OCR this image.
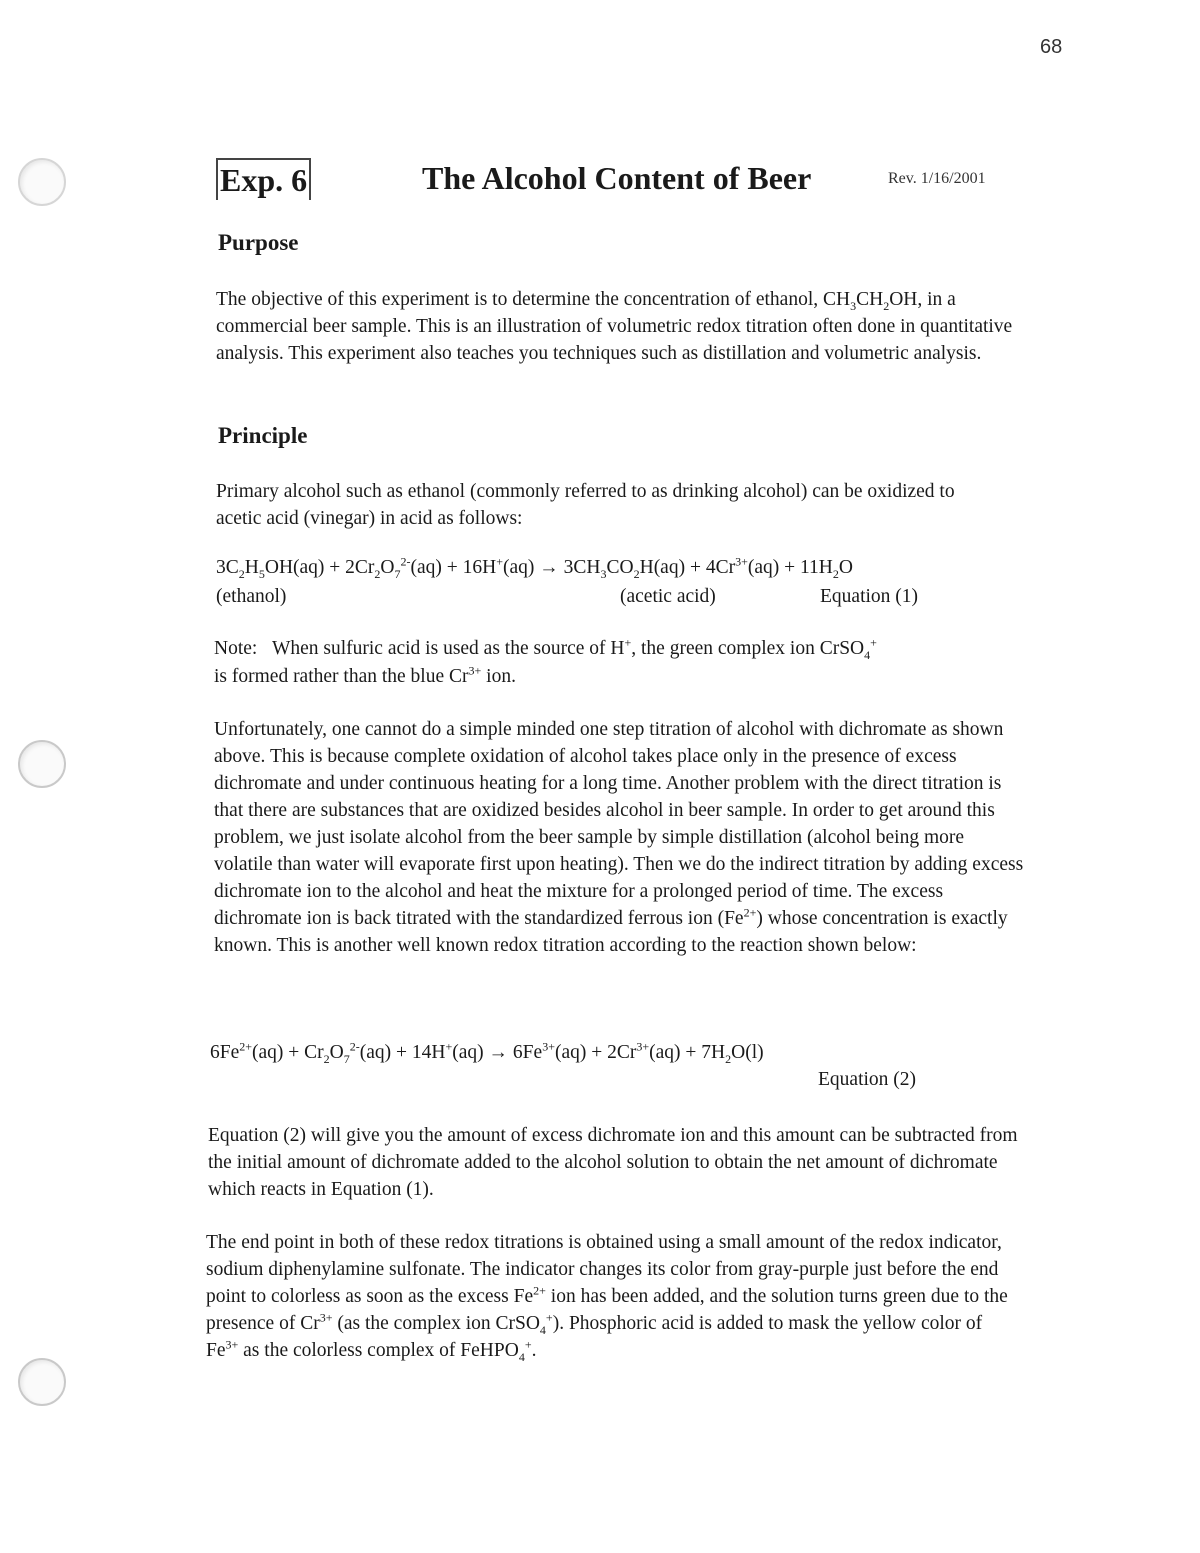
68
Exp. 6	The Alcohol Content of Beer	Rev. 1/16/2001
Purpose

The objective of this experiment is to determine the concentration of ethanol, $CH_3CH_2OH$, in a commercial beer sample. This is an illustration of volumetric redox titration often done in quantitative analysis. This experiment also teaches you techniques such as distillation and volumetric analysis.

Principle

Primary alcohol such as ethanol (commonly referred to as drinking alcohol) can be oxidized to acetic acid (vinegar) in acid as follows:

$3C_2H_5OH(aq) + 2Cr_2O_7^{2-}(aq) + 16H^+(aq) \to 3CH_3CO_2H(aq) + 4Cr^{3+}(aq) + 11H_2O$
(ethanol)	(acetic acid)	Equation (1)
Note: When sulfuric acid is used as the source of H+, the green complex ion CrSO$_4$+
is formed rather than the blue $Cr^{3+}$ ion.

Unfortunately, one cannot do a simple minded one step titration of alcohol with dichromate as shown above. This is because complete oxidation of alcohol takes place only in the presence of excess dichromate and under continuous heating for a long time. Another problem with the direct titration is that there are substances that are oxidized besides alcohol in beer sample. In order to get around this problem, we just isolate alcohol from the beer sample by simple distillation (alcohol being more volatile than water will evaporate first upon heating). Then we do the indirect titration by adding excess dichromate ion to the alcohol and heat the mixture for a prolonged period of time. The excess dichromate ion is back titrated with the standardized ferrous ion $(Fe^{2+})$ whose concentration is exactly known. This is another well known redox titration according to the reaction shown below:

$6Fe^{2+}(aq) + Cr_2O_7^{2-}(aq) + 14H^+(aq) \to 6Fe^{3+}(aq) + 2Cr^{3+}(aq) + 7H_2O(l)$
Equation (2)

Equation (2) will give you the amount of excess dichromate ion and this amount can be subtracted from the initial amount of dichromate added to the alcohol solution to obtain the net amount of dichromate which reacts in Equation (1).

The end point in both of these redox titrations is obtained using a small amount of the redox indicator, sodium diphenylamine sulfonate. The indicator changes its color from gray-purple just before the end point to colorless as soon as the excess $Fe^{2+}$ ion has been added, and the solution turns green due to the presence of $Cr^{3+}$ (as the complex ion CrSO$_4$+). Phosphoric acid is added to mask the yellow color of $Fe^{3+}$ as the colorless complex of FeHPO$_4$+.
